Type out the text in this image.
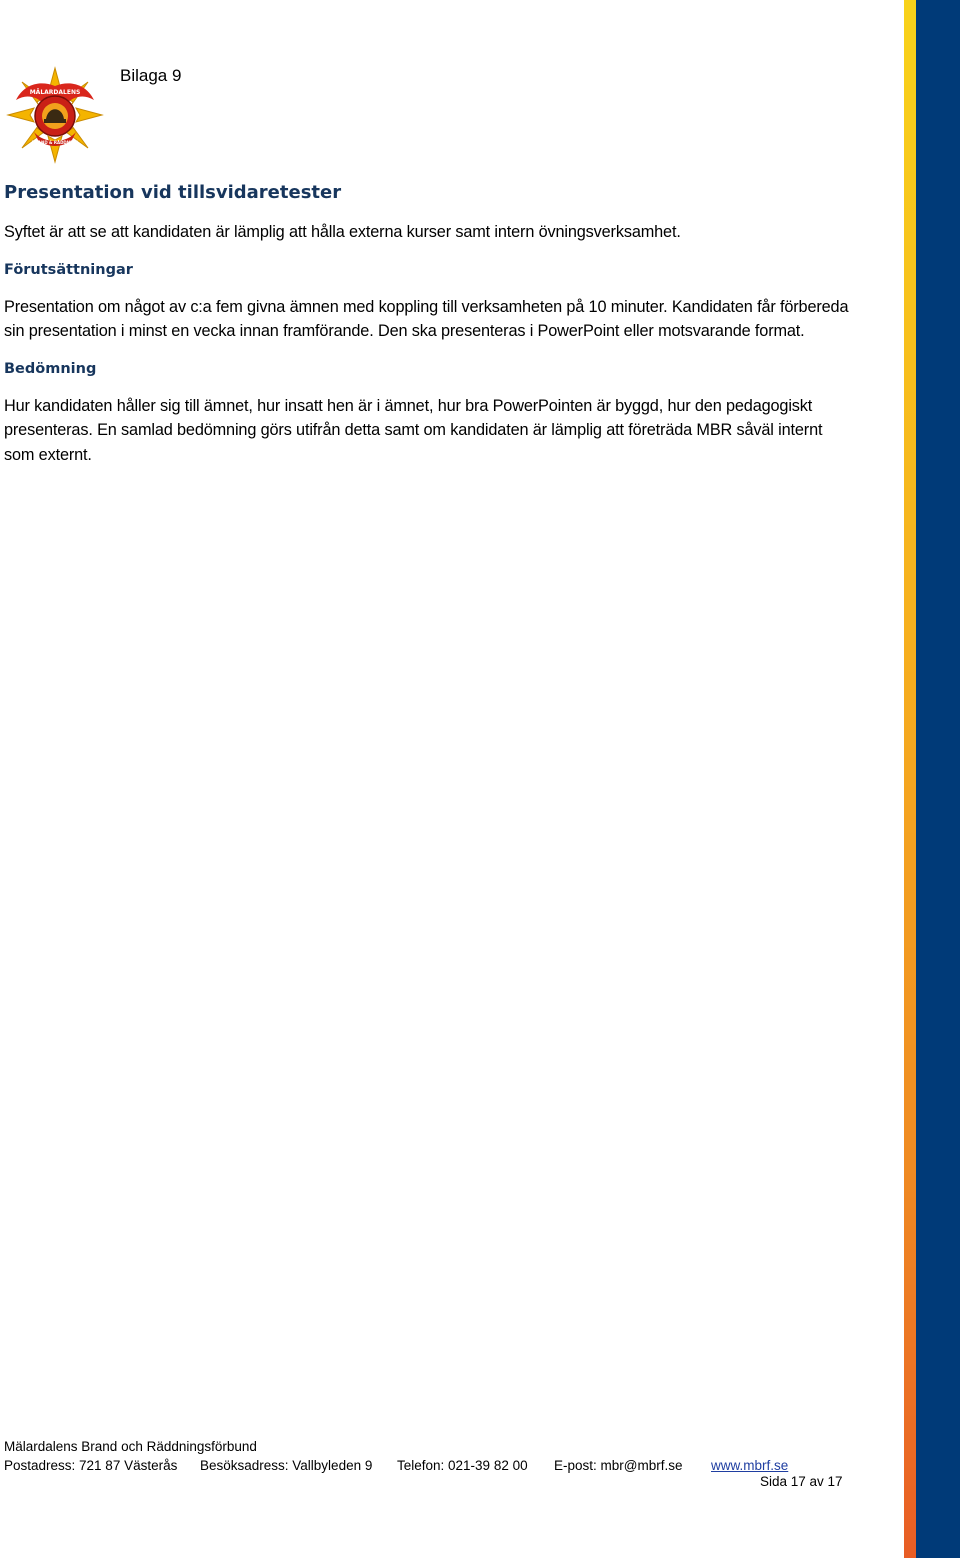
MÄLARDALENS
BRAND & RÄDDNING
Bilaga 9
Presentation vid tillsvidaretester

Syftet är att se att kandidaten är lämplig att hålla externa kurser samt intern övningsverksamhet.

Förutsättningar

Presentation om något av c:a fem givna ämnen med koppling till verksamheten på 10 minuter. Kandidaten får förbereda sin presentation i minst en vecka innan framförande. Den ska presenteras i PowerPoint eller motsvarande format.

Bedömning

Hur kandidaten håller sig till ämnet, hur insatt hen är i ämnet, hur bra PowerPointen är byggd, hur den pedagogiskt presenteras. En samlad bedömning görs utifrån detta samt om kandidaten är lämplig att företräda MBR såväl internt som externt.

Mälardalens Brand och Räddningsförbund
Postadress: 721 87 Västerås	Besöksadress: Vallbyleden 9	Telefon: 021-39 82 00	E-post: mbr@mbrf.se	www.mbrf.se
Sida 17 av 17
